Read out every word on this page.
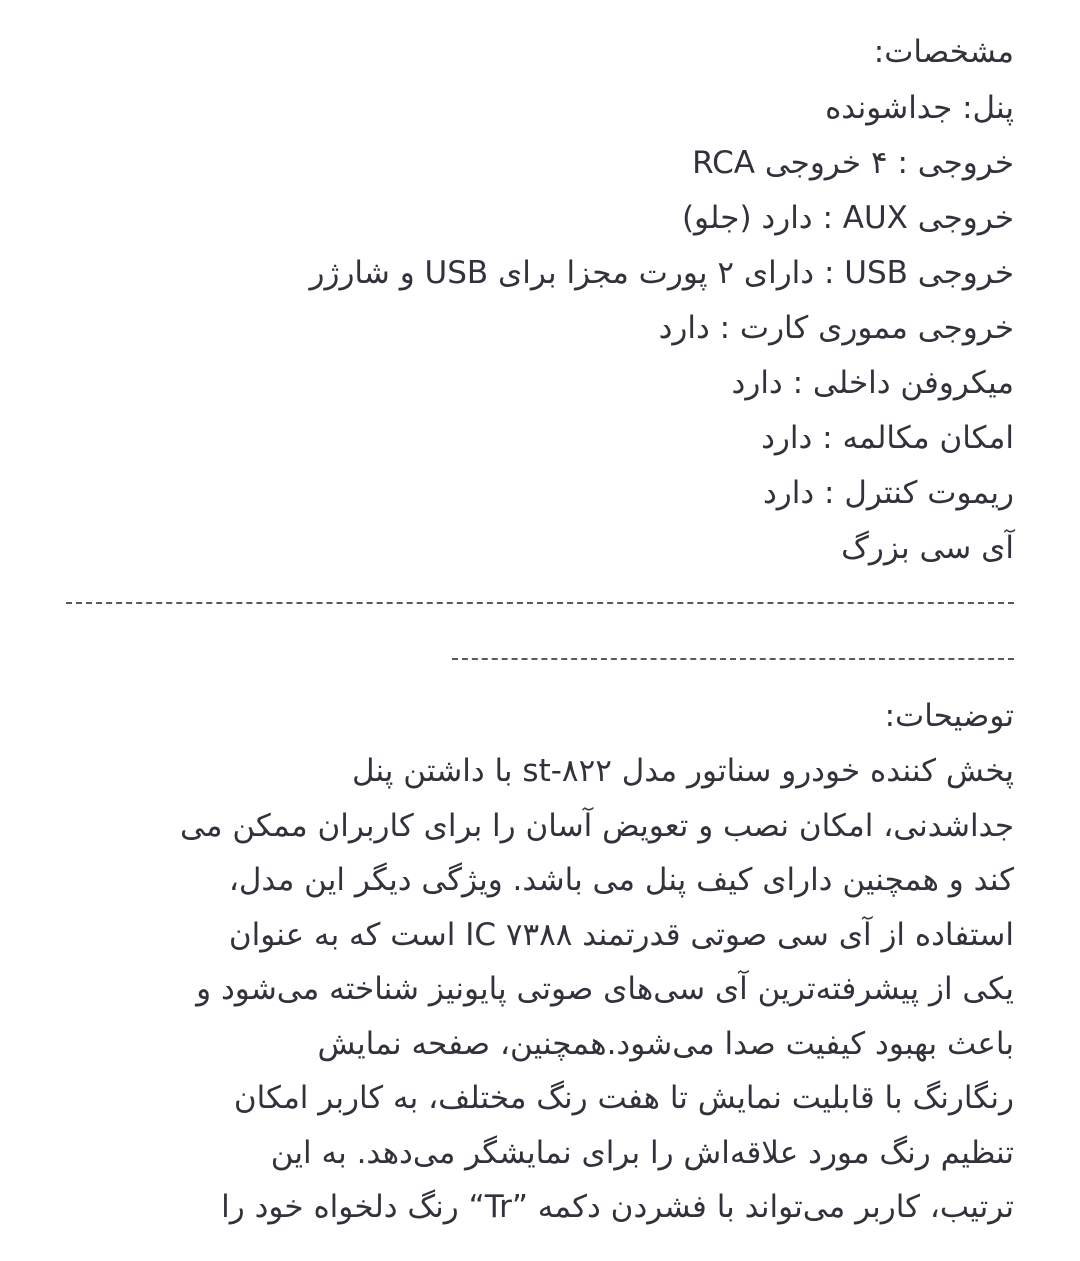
مشخصات:
پنل: جداشونده
خروجی : ۴ خروجی RCA
خروجی AUX : دارد (جلو)
خروجی USB : دارای ۲ پورت مجزا برای USB و شارژر
خروجی مموری کارت : دارد
میکروفن داخلی : دارد
امکان مکالمه : دارد
ریموت کنترل : دارد
آی سی بزرگ
توضیحات:
پخش کننده خودرو سناتور مدل st-۸۲۲ با داشتن پنل
جداشدنی، امکان نصب و تعویض آسان را برای کاربران ممکن می
کند و همچنین دارای کیف پنل می باشد. ویژگی دیگر این مدل،
استفاده از آی سی صوتی قدرتمند IC ۷۳۸۸ است که به عنوان
یکی از پیشرفته‌ترین آی سی‌های صوتی پایونیز شناخته می‌شود و
باعث بهبود کیفیت صدا می‌شود.همچنین، صفحه نمایش
رنگارنگ با قابلیت نمایش تا هفت رنگ مختلف، به کاربر امکان
تنظیم رنگ مورد علاقه‌اش را برای نمایشگر می‌دهد. به این
ترتیب، کاربر می‌تواند با فشردن دکمه ”Tr“ رنگ دلخواه خود را
